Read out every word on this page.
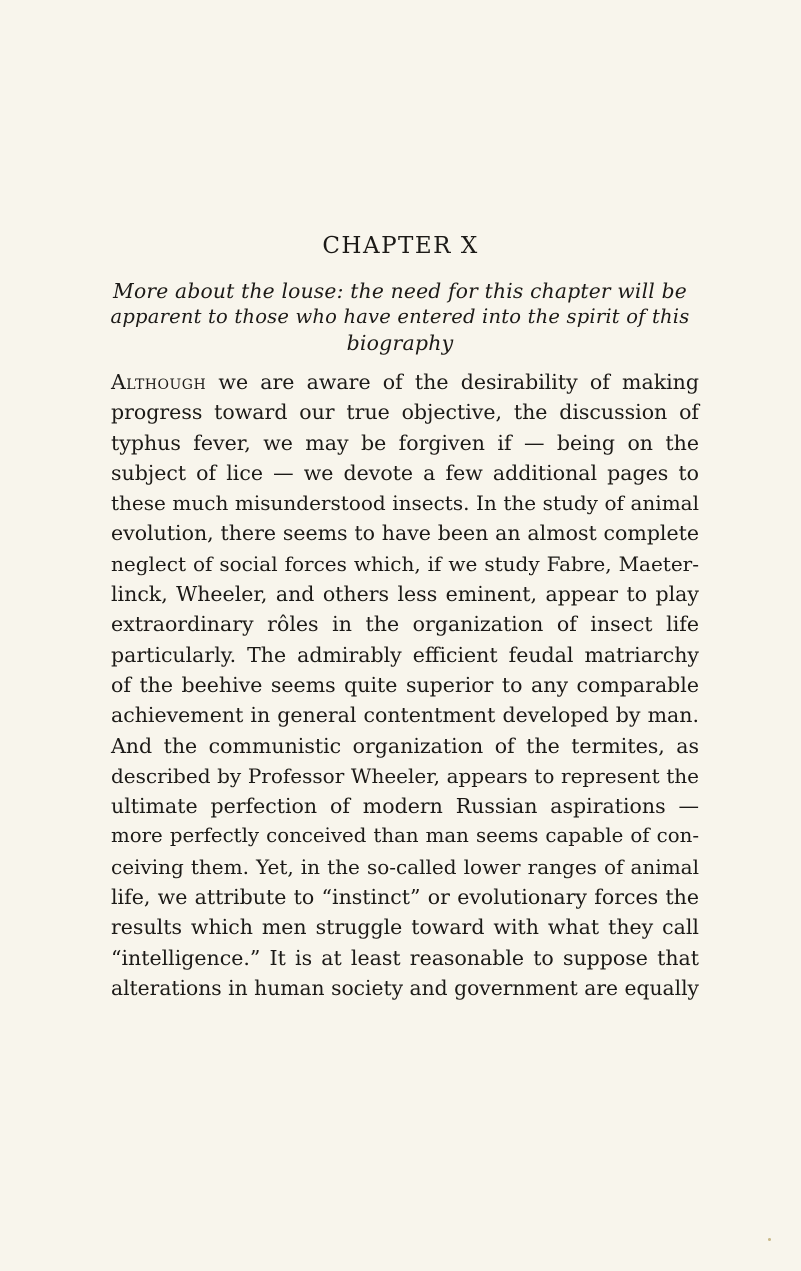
CHAPTER X
More about the louse: the need for this chapter will be
apparent to those who have entered into the spirit of this
biography
Although we are aware of the desirability of making
progress toward our true objective, the discussion of
typhus fever, we may be forgiven if — being on the
subject of lice — we devote a few additional pages to
these much misunderstood insects. In the study of animal
evolution, there seems to have been an almost complete
neglect of social forces which, if we study Fabre, Maeter-
linck, Wheeler, and others less eminent, appear to play
extraordinary rôles in the organization of insect life
particularly. The admirably efficient feudal matriarchy
of the beehive seems quite superior to any comparable
achievement in general contentment developed by man.
And the communistic organization of the termites, as
described by Professor Wheeler, appears to represent the
ultimate perfection of modern Russian aspirations —
more perfectly conceived than man seems capable of con-
ceiving them. Yet, in the so-called lower ranges of animal
life, we attribute to “instinct” or evolutionary forces the
results which men struggle toward with what they call
“intelligence.” It is at least reasonable to suppose that
alterations in human society and government are equally
